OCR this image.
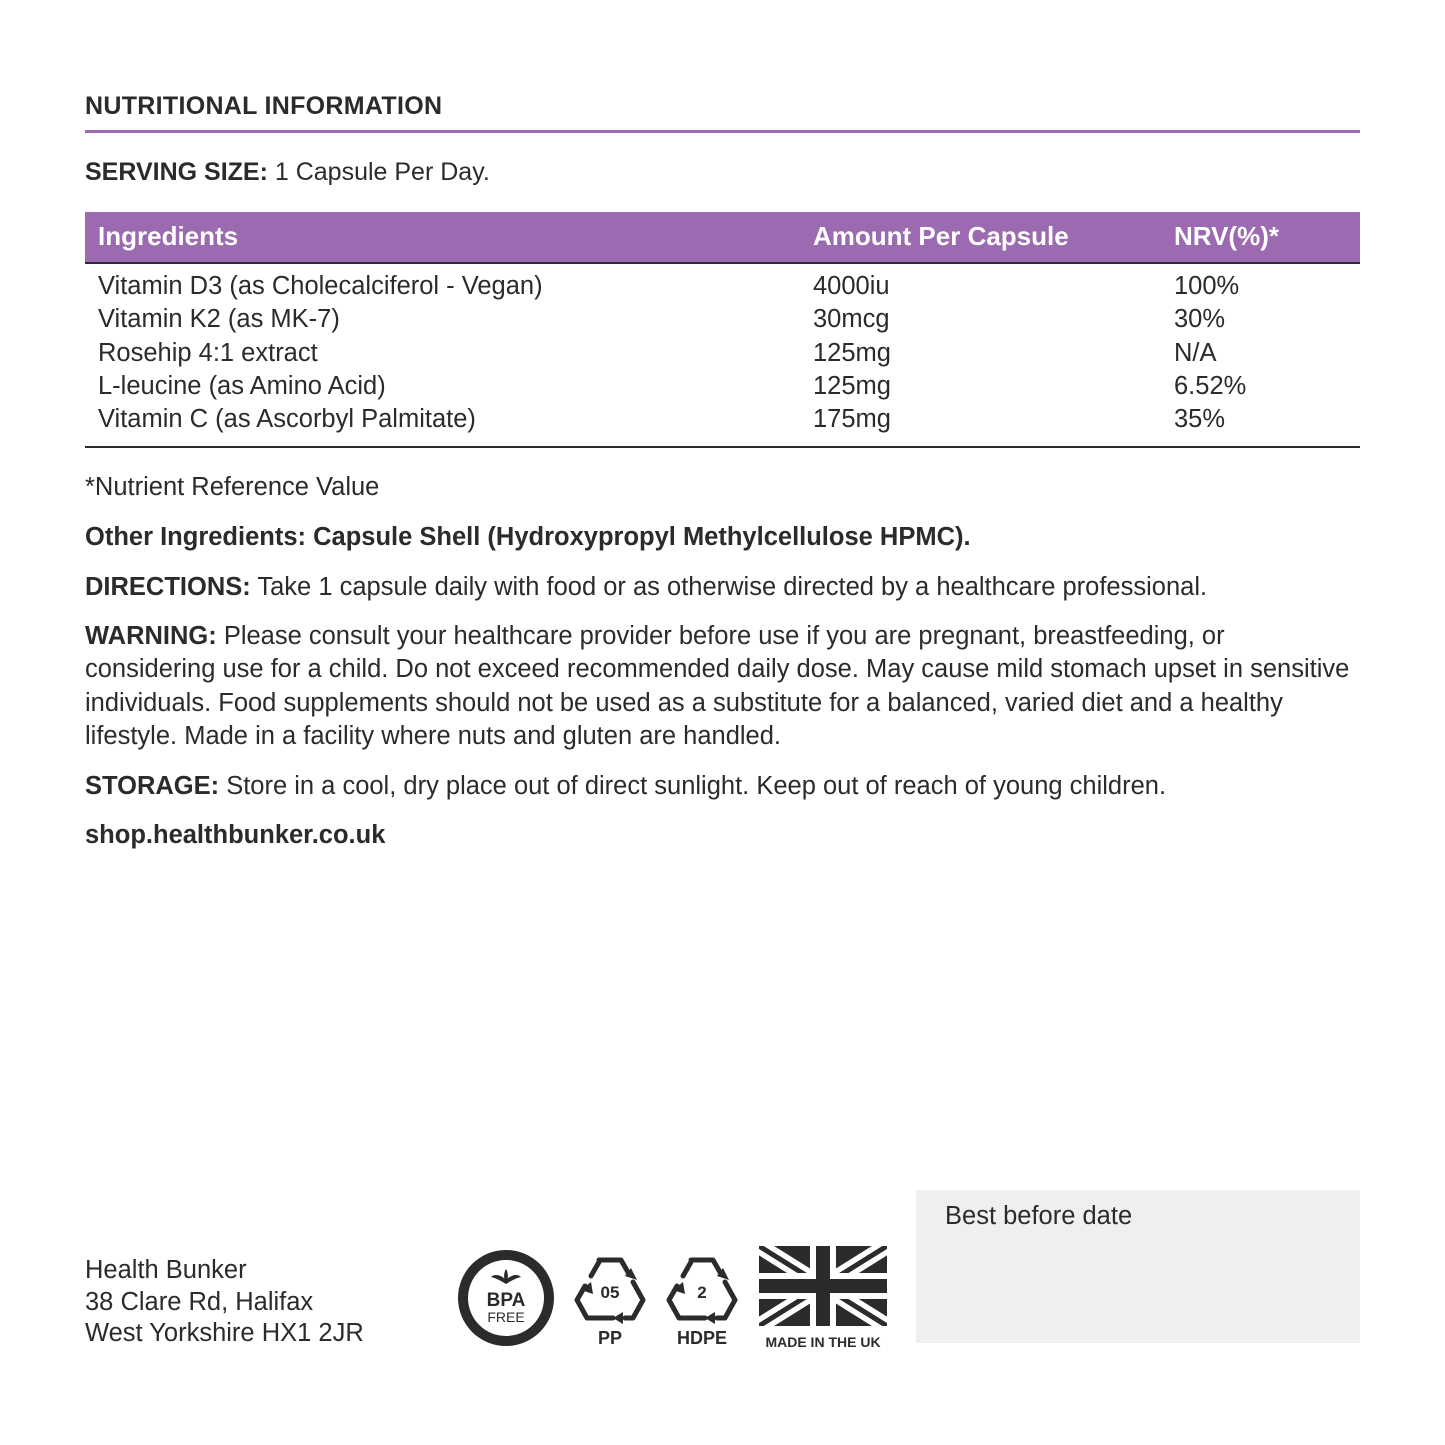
NUTRITIONAL INFORMATION
SERVING SIZE: 1 Capsule Per Day.
Ingredients	Amount Per Capsule	NRV(%)*
Vitamin D3 (as Cholecalciferol - Vegan)	4000iu	100%
Vitamin K2 (as MK-7)	30mcg	30%
Rosehip 4:1 extract	125mg	N/A
L-leucine (as Amino Acid)	125mg	6.52%
Vitamin C (as Ascorbyl Palmitate)	175mg	35%
*Nutrient Reference Value
Other Ingredients: Capsule Shell (Hydroxypropyl Methylcellulose HPMC).
DIRECTIONS: Take 1 capsule daily with food or as otherwise directed by a healthcare professional.
WARNING: Please consult your healthcare provider before use if you are pregnant, breastfeeding, or considering use for a child. Do not exceed recommended daily dose. May cause mild stomach upset in sensitive individuals. Food supplements should not be used as a substitute for a balanced, varied diet and a healthy lifestyle. Made in a facility where nuts and gluten are handled.
STORAGE: Store in a cool, dry place out of direct sunlight. Keep out of reach of young children.
shop.healthbunker.co.uk
Health Bunker
38 Clare Rd, Halifax
West Yorkshire HX1 2JR
BPA
FREE
05
PP
2
HDPE	MADE IN THE UK
Best before date
